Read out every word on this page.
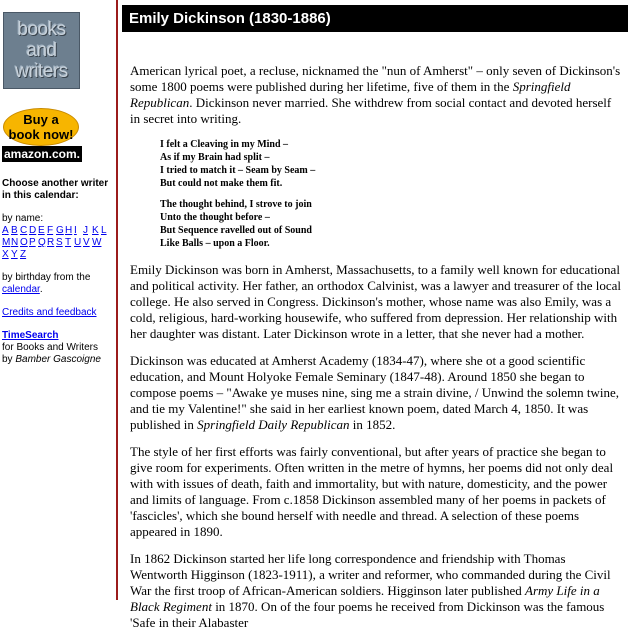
books
and
writers
Buy a
book now!
amazon.com.
Choose another writer in this calendar:
by name:
A B C D E F GH I J K L
MN OP QR S T U V W
X Y Z
by birthday from the
calendar.
Credits and feedback
TimeSearch
for Books and Writers
by Bamber Gascoigne
Emily Dickinson (1830-1886)

American lyrical poet, a recluse, nicknamed the "nun of Amherst" – only seven of Dickinson's some 1800 poems were published during her lifetime, five of them in the Springfield Republican. Dickinson never married. She withdrew from social contact and devoted herself in secret into writing.

I felt a Cleaving in my Mind –
As if my Brain had split –
I tried to match it – Seam by Seam –
But could not make them fit.
The thought behind, I strove to join
Unto the thought before –
But Sequence ravelled out of Sound
Like Balls – upon a Floor.

Emily Dickinson was born in Amherst, Massachusetts, to a family well known for educational and political activity. Her father, an orthodox Calvinist, was a lawyer and treasurer of the local college. He also served in Congress. Dickinson's mother, whose name was also Emily, was a cold, religious, hard-working housewife, who suffered from depression. Her relationship with her daughter was distant. Later Dickinson wrote in a letter, that she never had a mother.

Dickinson was educated at Amherst Academy (1834-47), where she ot a good scientific education, and Mount Holyoke Female Seminary (1847-48). Around 1850 she began to compose poems – "Awake ye muses nine, sing me a strain divine, / Unwind the solemn twine, and tie my Valentine!" she said in her earliest known poem, dated March 4, 1850. It was published in Springfield Daily Republican in 1852.

The style of her first efforts was fairly conventional, but after years of practice she began to give room for experiments. Often written in the metre of hymns, her poems did not only deal with with issues of death, faith and immortality, but with nature, domesticity, and the power and limits of language. From c.1858 Dickinson assembled many of her poems in packets of 'fascicles', which she bound herself with needle and thread. A selection of these poems appeared in 1890.

In 1862 Dickinson started her life long correspondence and friendship with Thomas Wentworth Higginson (1823-1911), a writer and reformer, who commanded during the Civil War the first troop of African-American soldiers. Higginson later published Army Life in a Black Regiment in 1870. On of the four poems he received from Dickinson was the famous 'Safe in their Alabaster
